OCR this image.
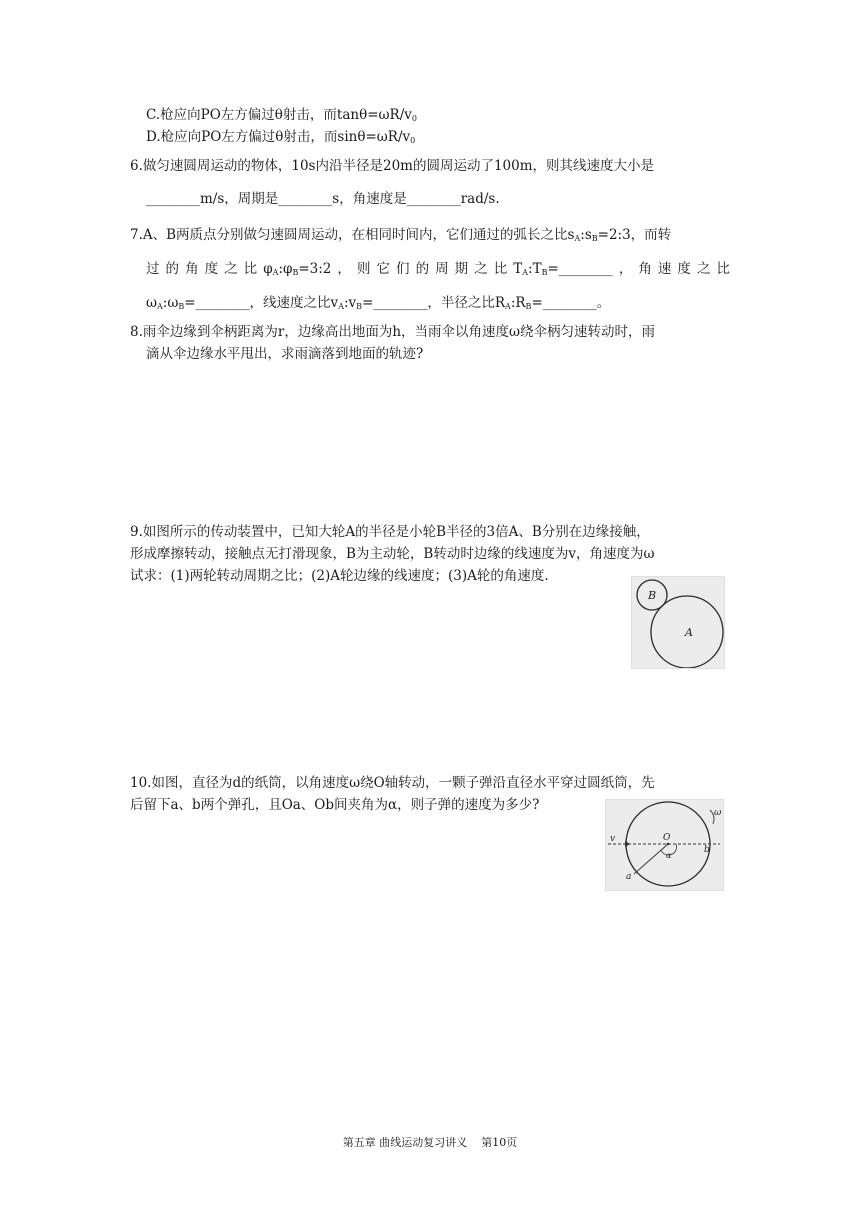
C.枪应向PO左方偏过θ射击，而$\tan\theta=\omega R/v_0$
D.枪应向PO左方偏过θ射击，而$\sin\theta=\omega R/v_0$
6.做匀速圆周运动的物体，10s内沿半径是20m的圆周运动了100m，则其线速度大小是
________m/s，周期是________s，角速度是________rad/s.
7.A、B两质点分别做匀速圆周运动，在相同时间内，它们通过的弧长之比$s_A:s_B=2:3$，而转
过的角度之比$\varphi_A:\varphi_B=3:2$，则它们的周期之比$T_A:T_B=\_\_\_\_\_\_\_\_$，角速度之比
$\omega_A:\omega_B=\_\_\_\_\_\_\_\_$，线速度之比$v_A:v_B=\_\_\_\_\_\_\_\_$，半径之比$R_A:R_B=\_\_\_\_\_\_\_\_$。
8.雨伞边缘到伞柄距离为r，边缘高出地面为h，当雨伞以角速度ω绕伞柄匀速转动时，雨
滴从伞边缘水平甩出，求雨滴落到地面的轨迹?
9.如图所示的传动装置中，已知大轮A的半径是小轮B半径的3倍A、B分别在边缘接触，
形成摩擦转动，接触点无打滑现象，B为主动轮，B转动时边缘的线速度为v，角速度为ω
试求：(1)两轮转动周期之比；(2)A轮边缘的线速度；(3)A轮的角速度.
B
A
10.如图，直径为d的纸筒，以角速度ω绕O轴转动，一颗子弹沿直径水平穿过圆纸筒，先
后留下a、b两个弹孔，且Oa、Ob间夹角为α，则子弹的速度为多少?
v	O
α
b
a
ω
第五章 曲线运动复习讲义 第10页
